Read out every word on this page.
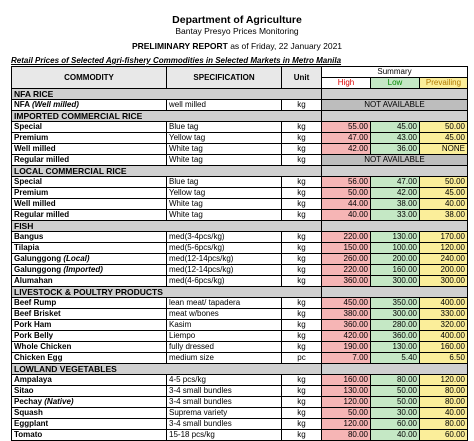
Department of Agriculture
Bantay Presyo Prices Monitoring
PRELIMINARY REPORT as of Friday, 22 January 2021
Retail Prices of Selected Agri-fishery Commodities in Selected Markets in Metro Manila
COMMODITY	SPECIFICATION	Unit	Summary		
			High	Low	Prevailing
NFA RICE					
NFA (Well milled)	well milled	kg	NOT AVAILABLE		
IMPORTED COMMERCIAL RICE					
Special	Blue tag	kg	55.00	45.00	50.00
Premium	Yellow tag	kg	47.00	43.00	45.00
Well milled	White tag	kg	42.00	36.00	NONE
Regular milled	White tag	kg	NOT AVAILABLE		
LOCAL COMMERCIAL RICE					
Special	Blue tag	kg	56.00	47.00	50.00
Premium	Yellow tag	kg	50.00	42.00	45.00
Well milled	White tag	kg	44.00	38.00	40.00
Regular milled	White tag	kg	40.00	33.00	38.00
FISH					
Bangus	med(3-4pcs/kg)	kg	220.00	130.00	170.00
Tilapia	med(5-6pcs/kg)	kg	150.00	100.00	120.00
Galunggong (Local)	med(12-14pcs/kg)	kg	260.00	200.00	240.00
Galunggong (Imported)	med(12-14pcs/kg)	kg	220.00	160.00	200.00
Alumahan	med(4-6pcs/kg)	kg	360.00	300.00	300.00
LIVESTOCK & POULTRY PRODUCTS					
Beef Rump	lean meat/ tapadera	kg	450.00	350.00	400.00
Beef Brisket	meat w/bones	kg	380.00	300.00	330.00
Pork Ham	Kasim	kg	360.00	280.00	320.00
Pork Belly	Liempo	kg	420.00	360.00	400.00
Whole Chicken	fully dressed	kg	190.00	130.00	160.00
Chicken Egg	medium size	pc	7.00	5.40	6.50
LOWLAND VEGETABLES					
Ampalaya	4-5 pcs/kg	kg	160.00	80.00	120.00
Sitao	3-4 small bundles	kg	130.00	50.00	80.00
Pechay (Native)	3-4 small bundles	kg	120.00	50.00	80.00
Squash	Suprema variety	kg	50.00	30.00	40.00
Eggplant	3-4 small bundles	kg	120.00	60.00	80.00
Tomato	15-18 pcs/kg	kg	80.00	40.00	60.00
